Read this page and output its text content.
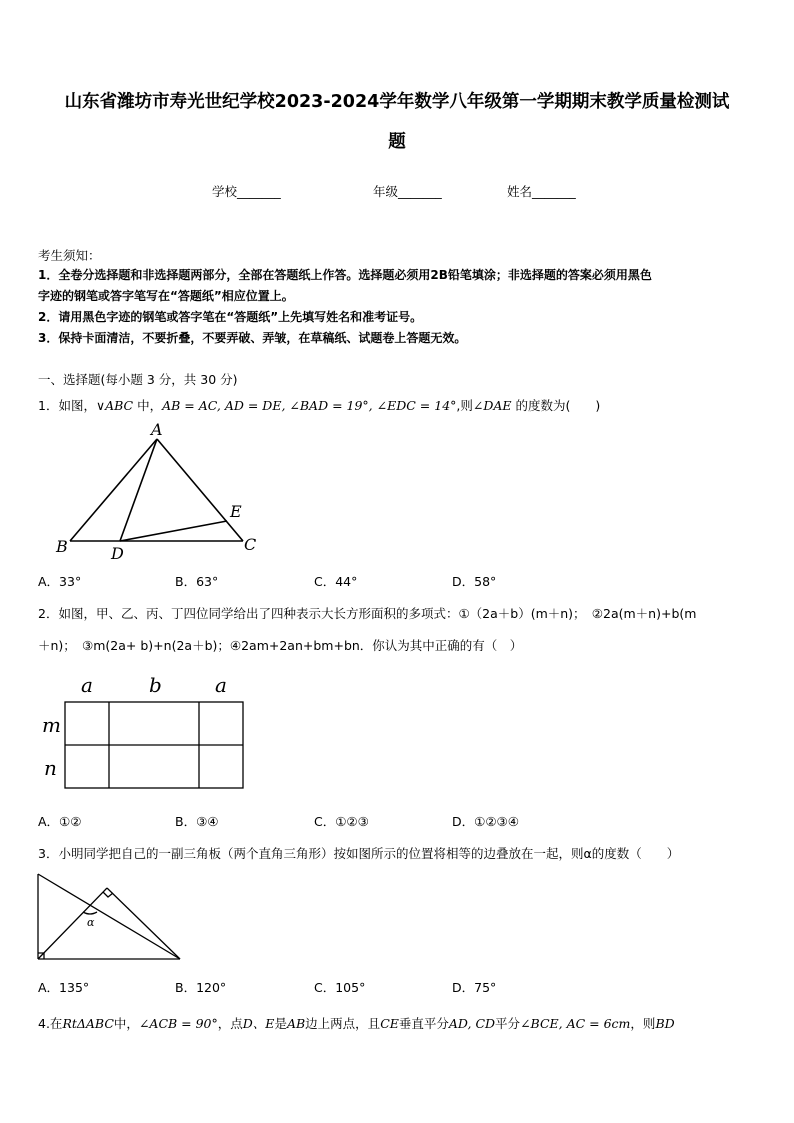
山东省潍坊市寿光世纪学校2023-2024学年数学八年级第一学期期末教学质量检测试
题
学校_______	年级_______	姓名_______
考生须知：
1．全卷分选择题和非选择题两部分，全部在答题纸上作答。选择题必须用2B铅笔填涂；非选择题的答案必须用黑色
字迹的钢笔或答字笔写在“答题纸”相应位置上。
2．请用黑色字迹的钢笔或答字笔在“答题纸”上先填写姓名和准考证号。
3．保持卡面清洁，不要折叠，不要弄破、弄皱，在草稿纸、试题卷上答题无效。
一、选择题(每小题 3 分，共 30 分)
1．如图，∨ABC 中，AB = AC, AD = DE, ∠BAD = 19°, ∠EDC = 14°,则∠DAE 的度数为(　　)
A
B	D	C
E
A．33°	B．63°	C．44°	D．58°
2．如图，甲、乙、丙、丁四位同学给出了四种表示大长方形面积的多项式：①（2a＋b）(m＋n)；　②2a(m＋n)+b(m
＋n)；　③m(2a+ b)+n(2a＋b)；④2am+2an+bm+bn．你认为其中正确的有（　）
a	b	a
m
n
A．①②	B．③④	C．①②③	D．①②③④
3．小明同学把自己的一副三角板（两个直角三角形）按如图所示的位置将相等的边叠放在一起，则α的度数（　　）
α
A．135°	B．120°	C．105°	D．75°
4.在RtΔABC中，∠ACB = 90°，点D、E是AB边上两点，且CE垂直平分AD, CD平分∠BCE, AC = 6cm，则BD
